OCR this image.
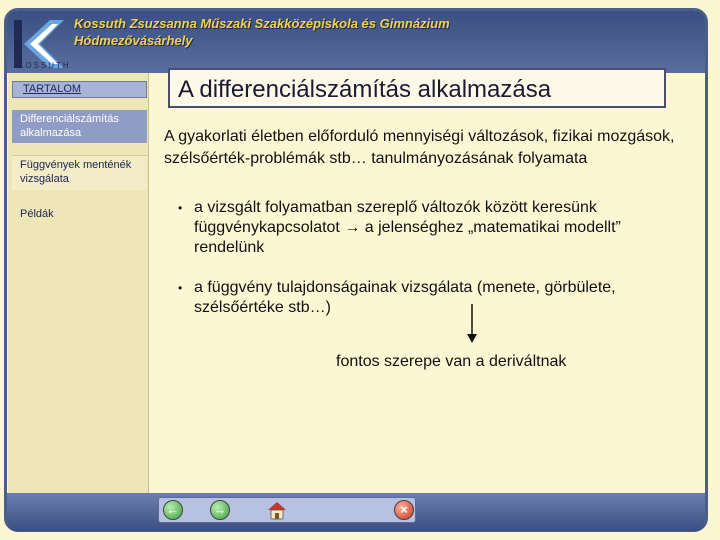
KOSSUTH
Kossuth Zsuzsanna Műszaki Szakközépiskola és Gimnázium
Hódmezővásárhely
TARTALOM
Differenciálszámítás alkalmazása
Függvények menténék vizsgálata
Példák
A differenciálszámítás alkalmazása
A gyakorlati életben előforduló mennyiségi változások, fizikai mozgások, szélsőérték-problémák stb… tanulmányozásának folyamata
• a vizsgált folyamatban szereplő változók között keresünk függvénykapcsolatot → a jelenséghez „matematikai modellt” rendelünk
• a függvény tulajdonságainak vizsgálata (menete, görbülete, szélsőértéke stb…)
fontos szerepe van a deriváltnak
←	→	×
